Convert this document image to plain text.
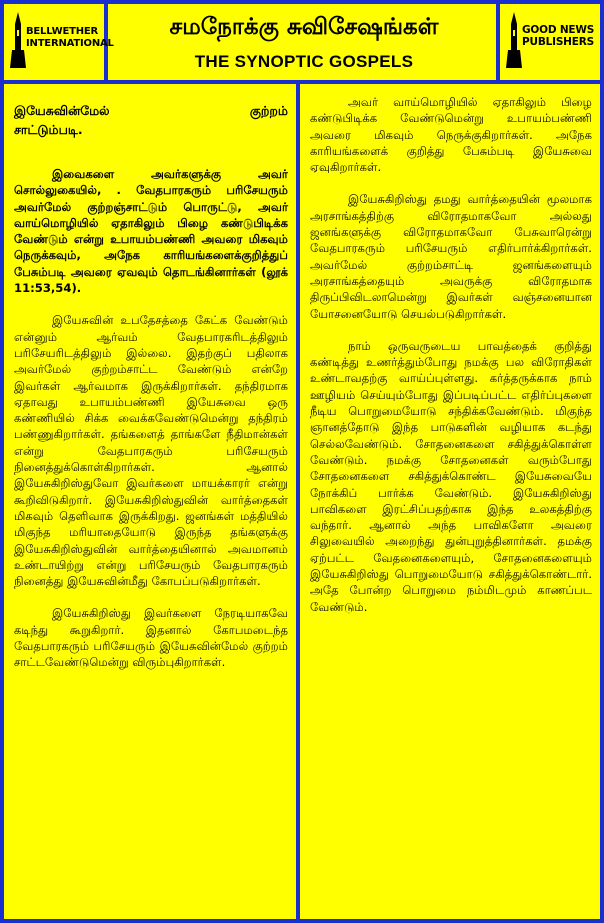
BELLWETHER
INTERNATIONAL
சமநோக்கு சுவிசேஷங்கள்
THE SYNOPTIC GOSPELS
GOOD NEWS
PUBLISHERS
இயேசுவின்மேல் குற்றம்
சாட்டும்படி.

இவைகளை அவர்களுக்கு அவர் சொல்லுகையில், . வேதபாரகரும் பரிசேயரும் அவர்மேல் குற்றஞ்சாட்டும் பொருட்டு, அவர் வாய்மொழியில் ஏதாகிலும் பிழை கண்டுபிடிக்க வேண்டும் என்று உபாயம்பண்ணி அவரை மிகவும் நெருக்கவும், அநேக காரியங்களைக்குறித்துப் பேசும்படி அவரை ஏவவும் தொடங்கினார்கள் (லூக் 11:53,54).

இயேசுவின் உபதேசத்தை கேட்க வேண்டும் என்னும் ஆர்வம் வேதபாரகரிடத்திலும் பரிசேயரிடத்திலும் இல்லை. இதற்குப் பதிலாக அவர்மேல் குற்றம்சாட்ட வேண்டும் என்றே இவர்கள் ஆர்வமாக இருக்கிறார்கள். தந்திரமாக ஏதாவது உபாயம்பண்ணி இயேசுவை ஒரு கண்ணியில் சிக்க வைக்கவேண்டுமென்று தந்திரம் பண்ணுகிறார்கள். தங்களைத் தாங்களே நீதிமான்கள் என்று வேதபாரகரும் பரிசேயரும் நினைத்துக்கொள்கிறார்கள். ஆனால் இயேசுகிறிஸ்துவோ இவர்களை மாயக்காரர் என்று கூறிவிடுகிறார். இயேசுகிறிஸ்துவின் வார்த்தைகள் மிகவும் தெளிவாக இருக்கிறது. ஜனங்கள் மத்தியில் மிகுந்த மரியாதையோடு இருந்த தங்களுக்கு இயேசுகிறிஸ்துவின் வார்த்தையினால் அவமானம் உண்டாயிற்று என்று பரிசேயரும் வேதபாரகரும் நினைத்து இயேசுவின்மீது கோபப்படுகிறார்கள்.

இயேசுகிறிஸ்து இவர்களை நேரடியாகவே கடிந்து கூறுகிறார். இதனால் கோபமடைந்த வேதபாரகரும் பரிசேயரும் இயேசுவின்மேல் குற்றம் சாட்டவேண்டுமென்று விரும்புகிறார்கள்.

அவர் வாய்மொழியில் ஏதாகிலும் பிழை கண்டுபிடிக்க வேண்டுமென்று உபாயம்பண்ணி அவரை மிகவும் நெருக்குகிறார்கள். அநேக காரியங்களைக் குறித்து பேசும்படி இயேசுவை ஏவுகிறார்கள்.

இயேசுகிறிஸ்து தமது வார்த்தையின் மூலமாக அரசாங்கத்திற்கு விரோதமாகவோ அல்லது ஜனங்களுக்கு விரோதமாகவோ பேசுவாரென்று வேதபாரகரும் பரிசேயரும் எதிர்பார்க்கிறார்கள். அவர்மேல் குற்றம்சாட்டி ஜனங்களையும் அரசாங்கத்தையும் அவருக்கு விரோதமாக திருப்பிவிடலாமென்று இவர்கள் வஞ்சனையான யோசனையோடு செயல்படுகிறார்கள்.

நாம் ஒருவருடைய பாவத்தைக் குறித்து கண்டித்து உணர்த்தும்போது நமக்கு பல விரோதிகள் உண்டாவதற்கு வாய்ப்புள்ளது. கர்த்தருக்காக நாம் ஊழியம் செய்யும்போது இப்படிப்பட்ட எதிர்ப்புகளை நீடிய பொறுமையோடு சந்திக்கவேண்டும். மிகுந்த ஞானத்தோடு இந்த பாடுகளின் வழியாக கடந்து செல்லவேண்டும். சோதனைகளை சகித்துக்கொள்ள வேண்டும். நமக்கு சோதனைகள் வரும்போது சோதனைகளை சகித்துக்கொண்ட இயேசுவையே நோக்கிப் பார்க்க வேண்டும். இயேசுகிறிஸ்து பாவிகளை இரட்சிப்பதற்காக இந்த உலகத்திற்கு வந்தார். ஆனால் அந்த பாவிகளோ அவரை சிலுவையில் அறைந்து துன்புறுத்தினார்கள். தமக்கு ஏற்பட்ட வேதனைகளையும், சோதனைகளையும் இயேசுகிறிஸ்து பொறுமையோடு சகித்துக்கொண்டார். அதே போன்ற பொறுமை நம்மிடமும் காணப்பட வேண்டும்.
